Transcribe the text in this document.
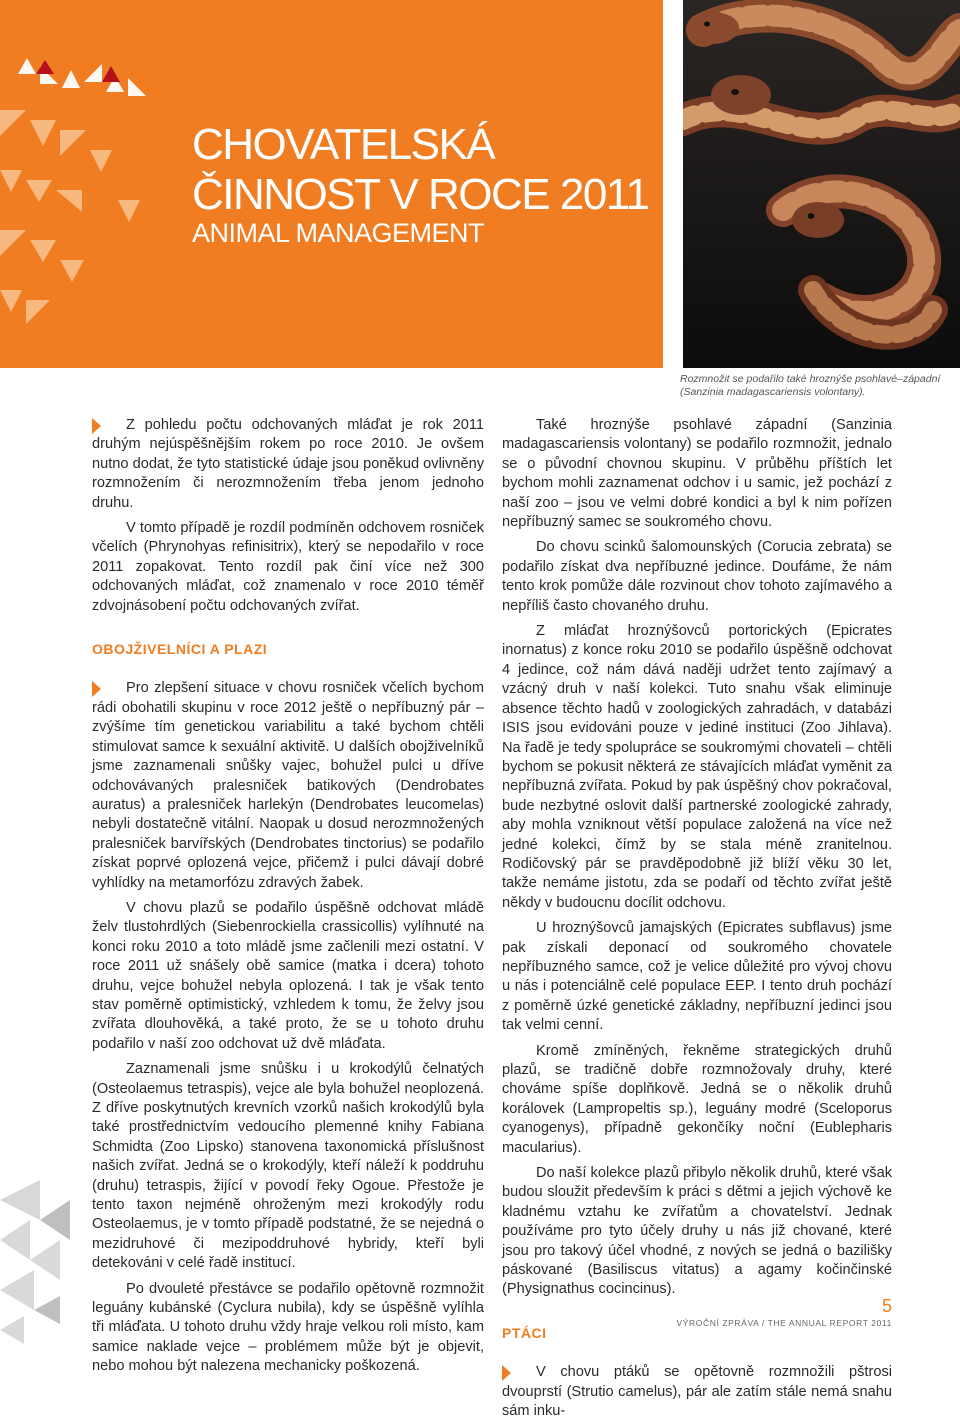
CHOVATELSKÁ
ČINNOST V ROCE 2011
ANIMAL MANAGEMENT
Rozmnožit se podařilo také hroznýše psohlavé–západní
(Sanzinia madagascariensis volontany).

Z pohledu počtu odchovaných mláďat je rok 2011 druhým nejúspěšnějším rokem po roce 2010. Je ovšem nutno dodat, že tyto statistické údaje jsou poněkud ovlivněny rozmnožením či nerozmnožením třeba jenom jednoho druhu.

V tomto případě je rozdíl podmíněn odchovem rosniček včelích (Phrynohyas refinisitrix), který se nepodařilo v roce 2011 zopakovat. Tento rozdíl pak činí více než 300 odchovaných mláďat, což znamenalo v roce 2010 téměř zdvojnásobení počtu odchovaných zvířat.

OBOJŽIVELNÍCI A PLAZI

Pro zlepšení situace v chovu rosniček včelích bychom rádi obohatili skupinu v roce 2012 ještě o nepříbuzný pár – zvýšíme tím genetickou variabilitu a také bychom chtěli stimulovat samce k sexuální aktivitě. U dalších obojživelníků jsme zaznamenali snůšky vajec, bohužel pulci u dříve odchovávaných pralesniček batikových (Dendrobates auratus) a pralesniček harlekýn (Dendrobates leucomelas) nebyli dostatečně vitální. Naopak u dosud nerozmnožených pralesniček barvířských (Dendrobates tinctorius) se podařilo získat poprvé oplozená vejce, přičemž i pulci dávají dobré vyhlídky na metamorfózu zdravých žabek.

V chovu plazů se podařilo úspěšně odchovat mládě želv tlustohrdlých (Siebenrockiella crassicollis) vylíhnuté na konci roku 2010 a toto mládě jsme začlenili mezi ostatní. V roce 2011 už snášely obě samice (matka i dcera) tohoto druhu, vejce bohužel nebyla oplozená. I tak je však tento stav poměrně optimistický, vzhledem k tomu, že želvy jsou zvířata dlouhověká, a také proto, že se u tohoto druhu podařilo v naší zoo odchovat už dvě mláďata.

Zaznamenali jsme snůšku i u krokodýlů čelnatých (Osteolaemus tetraspis), vejce ale byla bohužel neoplozená. Z dříve poskytnutých krevních vzorků našich krokodýlů byla také prostřednictvím vedoucího plemenné knihy Fabiana Schmidta (Zoo Lipsko) stanovena taxonomická příslušnost našich zvířat. Jedná se o krokodýly, kteří náleží k poddruhu (druhu) tetraspis, žijící v povodí řeky Ogoue. Přestože je tento taxon nejméně ohroženým mezi krokodýly rodu Osteolaemus, je v tomto případě podstatné, že se nejedná o mezidruhové či mezipoddruhové hybridy, kteří byli detekováni v celé řadě institucí.

Po dvouleté přestávce se podařilo opětovně rozmnožit leguány kubánské (Cyclura nubila), kdy se úspěšně vylíhla tři mláďata. U tohoto druhu vždy hraje velkou roli místo, kam samice naklade vejce – problémem může být je objevit, nebo mohou být nalezena mechanicky poškozená.

Také hroznýše psohlavé západní (Sanzinia madagascariensis volontany) se podařilo rozmnožit, jednalo se o původní chovnou skupinu. V průběhu příštích let bychom mohli zaznamenat odchov i u samic, jež pochází z naší zoo – jsou ve velmi dobré kondici a byl k nim pořízen nepříbuzný samec se soukromého chovu.

Do chovu scinků šalomounských (Corucia zebrata) se podařilo získat dva nepříbuzné jedince. Doufáme, že nám tento krok pomůže dále rozvinout chov tohoto zajímavého a nepříliš často chovaného druhu.

Z mláďat hroznýšovců portorických (Epicrates inornatus) z konce roku 2010 se podařilo úspěšně odchovat 4 jedince, což nám dává naději udržet tento zajímavý a vzácný druh v naší kolekci. Tuto snahu však eliminuje absence těchto hadů v zoologických zahradách, v databázi ISIS jsou evidováni pouze v jediné instituci (Zoo Jihlava). Na řadě je tedy spolupráce se soukromými chovateli – chtěli bychom se pokusit některá ze stávajících mláďat vyměnit za nepříbuzná zvířata. Pokud by pak úspěšný chov pokračoval, bude nezbytné oslovit další partnerské zoologické zahrady, aby mohla vzniknout větší populace založená na více než jedné kolekci, čímž by se stala méně zranitelnou. Rodičovský pár se pravděpodobně již blíží věku 30 let, takže nemáme jistotu, zda se podaří od těchto zvířat ještě někdy v budoucnu docílit odchovu.

U hroznýšovců jamajských (Epicrates subflavus) jsme pak získali deponací od soukromého chovatele nepříbuzného samce, což je velice důležité pro vývoj chovu u nás i potenciálně celé populace EEP. I tento druh pochází z poměrně úzké genetické základny, nepříbuzní jedinci jsou tak velmi cenní.

Kromě zmíněných, řekněme strategických druhů plazů, se tradičně dobře rozmnožovaly druhy, které chováme spíše doplňkově. Jedná se o několik druhů korálovek (Lampropeltis sp.), leguány modré (Sceloporus cyanogenys), případně gekončíky noční (Eublepharis macularius).

Do naší kolekce plazů přibylo několik druhů, které však budou sloužit především k práci s dětmi a jejich výchově ke kladnému vztahu ke zvířatům a chovatelství. Jednak používáme pro tyto účely druhy u nás již chované, které jsou pro takový účel vhodné, z nových se jedná o baziliškу páskované (Basiliscus vitatus) a agamy kočinčinské (Physignathus cocincinus).

PTÁCI

V chovu ptáků se opětovně rozmnožili pštrosi dvouprstí (Strutio camelus), pár ale zatím stále nemá snahu sám inku-

5
VÝROČNÍ ZPRÁVA / THE ANNUAL REPORT 2011
